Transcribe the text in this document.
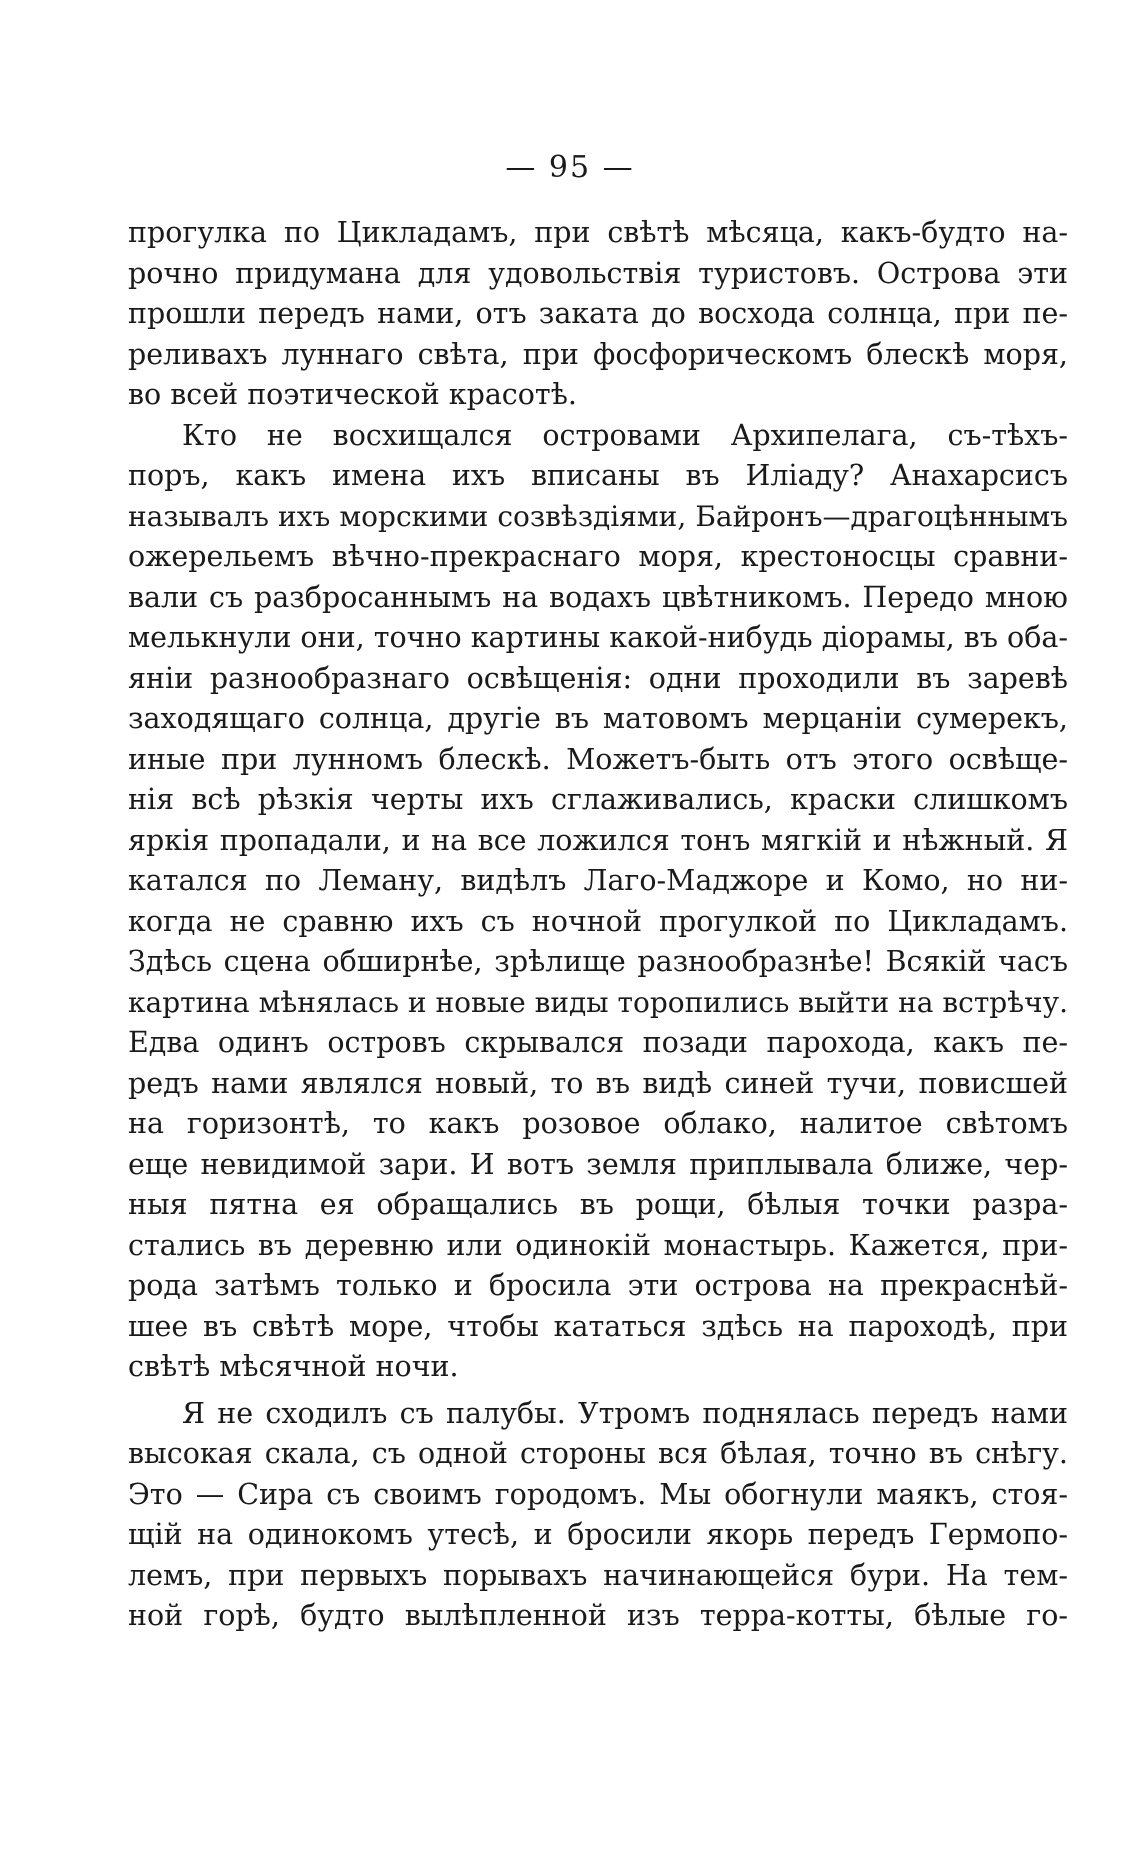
— 95 —
прогулка по Цикладамъ, при свѣтѣ мѣсяца, какъ-будто на-
рочно придумана для удовольствія туристовъ. Острова эти
прошли передъ нами, отъ заката до восхода солнца, при пе-
реливахъ луннаго свѣта, при фосфорическомъ блескѣ моря,
во всей поэтической красотѣ.
Кто не восхищался островами Архипелага, съ-тѣхъ-
поръ, какъ имена ихъ вписаны въ Иліаду? Анахарсисъ
называлъ ихъ морскими созвѣздіями, Байронъ—драгоцѣннымъ
ожерельемъ вѣчно-прекраснаго моря, крестоносцы сравни-
вали съ разбросаннымъ на водахъ цвѣтникомъ. Передо мною
мелькнули они, точно картины какой-нибудь діорамы, въ оба-
яніи разнообразнаго освѣщенія: одни проходили въ заревѣ
заходящаго солнца, другіе въ матовомъ мерцаніи сумерекъ,
иные при лунномъ блескѣ. Можетъ-быть отъ этого освѣще-
нія всѣ рѣзкія черты ихъ сглаживались, краски слишкомъ
яркія пропадали, и на все ложился тонъ мягкій и нѣжный. Я
катался по Леману, видѣлъ Лаго-Маджоре и Комо, но ни-
когда не сравню ихъ съ ночной прогулкой по Цикладамъ.
Здѣсь сцена обширнѣе, зрѣлище разнообразнѣе! Всякій часъ
картина мѣнялась и новые виды торопились выйти на встрѣчу.
Едва одинъ островъ скрывался позади парохода, какъ пе-
редъ нами являлся новый, то въ видѣ синей тучи, повисшей
на горизонтѣ, то какъ розовое облако, налитое свѣтомъ
еще невидимой зари. И вотъ земля приплывала ближе, чер-
ныя пятна ея обращались въ рощи, бѣлыя точки разра-
стались въ деревню или одинокій монастырь. Кажется, при-
рода затѣмъ только и бросила эти острова на прекраснѣй-
шее въ свѣтѣ море, чтобы кататься здѣсь на пароходѣ, при
свѣтѣ мѣсячной ночи.
Я не сходилъ съ палубы. Утромъ поднялась передъ нами
высокая скала, съ одной стороны вся бѣлая, точно въ снѣгу.
Это — Сира съ своимъ городомъ. Мы обогнули маякъ, стоя-
щій на одинокомъ утесѣ, и бросили якорь передъ Гермопо-
лемъ, при первыхъ порывахъ начинающейся бури. На тем-
ной горѣ, будто вылѣпленной изъ терра-котты, бѣлые го-
